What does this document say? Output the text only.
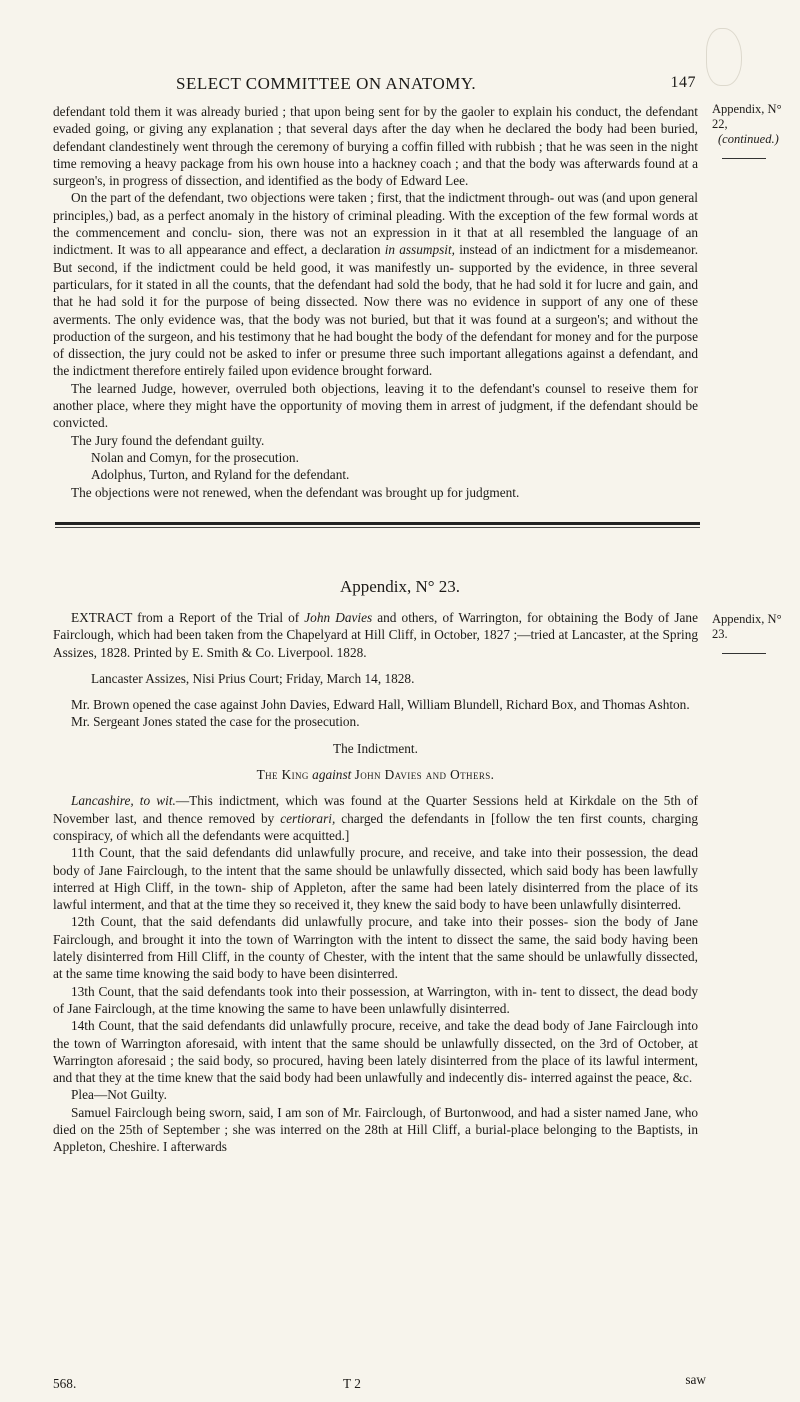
SELECT COMMITTEE ON ANATOMY.	147
Appendix, N° 22,
(continued.)

defendant told them it was already buried ; that upon being sent for by the gaoler to explain his conduct, the defendant evaded going, or giving any explanation ; that several days after the day when he declared the body had been buried, defendant clandestinely went through the ceremony of burying a coffin filled with rubbish ; that he was seen in the night time removing a heavy package from his own house into a hackney coach ; and that the body was afterwards found at a surgeon's, in progress of dissection, and identified as the body of Edward Lee.

On the part of the defendant, two objections were taken ; first, that the indictment through- out was (and upon general principles,) bad, as a perfect anomaly in the history of criminal pleading. With the exception of the few formal words at the commencement and conclu- sion, there was not an expression in it that at all resembled the language of an indictment. It was to all appearance and effect, a declaration in assumpsit, instead of an indictment for a misdemeanor. But second, if the indictment could be held good, it was manifestly un- supported by the evidence, in three several particulars, for it stated in all the counts, that the defendant had sold the body, that he had sold it for lucre and gain, and that he had sold it for the purpose of being dissected. Now there was no evidence in support of any one of these averments. The only evidence was, that the body was not buried, but that it was found at a surgeon's; and without the production of the surgeon, and his testimony that he had bought the body of the defendant for money and for the purpose of dissection, the jury could not be asked to infer or presume three such important allegations against a defendant, and the indictment therefore entirely failed upon evidence brought forward.

The learned Judge, however, overruled both objections, leaving it to the defendant's counsel to reseive them for another place, where they might have the opportunity of moving them in arrest of judgment, if the defendant should be convicted.

The Jury found the defendant guilty.

Nolan and Comyn, for the prosecution.

Adolphus, Turton, and Ryland for the defendant.

The objections were not renewed, when the defendant was brought up for judgment.

Appendix, N° 23.
Appendix, N° 23.

EXTRACT from a Report of the Trial of John Davies and others, of Warrington, for obtaining the Body of Jane Fairclough, which had been taken from the Chapelyard at Hill Cliff, in October, 1827 ;—tried at Lancaster, at the Spring Assizes, 1828. Printed by E. Smith & Co. Liverpool. 1828.

Lancaster Assizes, Nisi Prius Court; Friday, March 14, 1828.

Mr. Brown opened the case against John Davies, Edward Hall, William Blundell, Richard Box, and Thomas Ashton.

Mr. Sergeant Jones stated the case for the prosecution.

The Indictment.

The King against John Davies and Others.

Lancashire, to wit.—This indictment, which was found at the Quarter Sessions held at Kirkdale on the 5th of November last, and thence removed by certiorari, charged the defendants in [follow the ten first counts, charging conspiracy, of which all the defendants were acquitted.]

11th Count, that the said defendants did unlawfully procure, and receive, and take into their possession, the dead body of Jane Fairclough, to the intent that the same should be unlawfully dissected, which said body has been lawfully interred at High Cliff, in the town- ship of Appleton, after the same had been lately disinterred from the place of its lawful interment, and that at the time they so received it, they knew the said body to have been unlawfully disinterred.

12th Count, that the said defendants did unlawfully procure, and take into their posses- sion the body of Jane Fairclough, and brought it into the town of Warrington with the intent to dissect the same, the said body having been lately disinterred from Hill Cliff, in the county of Chester, with the intent that the same should be unlawfully dissected, at the same time knowing the said body to have been disinterred.

13th Count, that the said defendants took into their possession, at Warrington, with in- tent to dissect, the dead body of Jane Fairclough, at the time knowing the same to have been unlawfully disinterred.

14th Count, that the said defendants did unlawfully procure, receive, and take the dead body of Jane Fairclough into the town of Warrington aforesaid, with intent that the same should be unlawfully dissected, on the 3rd of October, at Warrington aforesaid ; the said body, so procured, having been lately disinterred from the place of its lawful interment, and that they at the time knew that the said body had been unlawfully and indecently dis- interred against the peace, &c.

Plea—Not Guilty.

Samuel Fairclough being sworn, said, I am son of Mr. Fairclough, of Burtonwood, and had a sister named Jane, who died on the 25th of September ; she was interred on the 28th at Hill Cliff, a burial-place belonging to the Baptists, in Appleton, Cheshire. I afterwards

568.	T 2	saw
